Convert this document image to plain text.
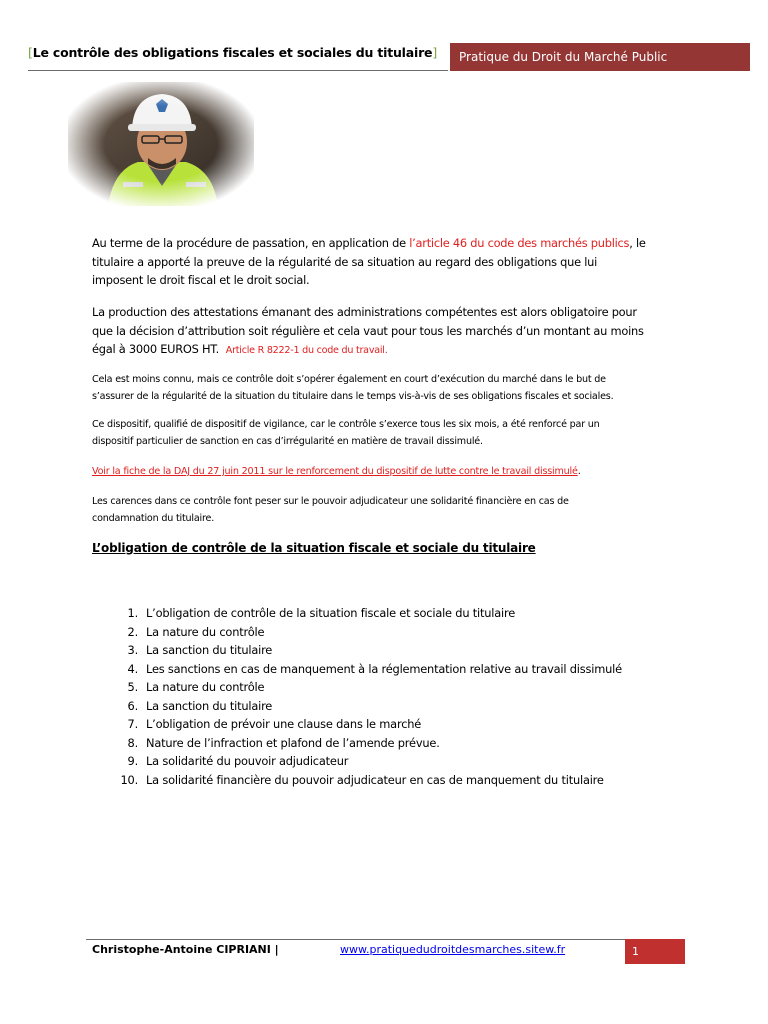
[Le contrôle des obligations fiscales et sociales du titulaire]	Pratique du Droit du Marché Public
Au terme de la procédure de passation, en application de l’article 46 du code des marchés publics, le
titulaire a apporté la preuve de la régularité de sa situation au regard des obligations que lui
imposent le droit fiscal et le droit social.
La production des attestations émanant des administrations compétentes est alors obligatoire pour
que la décision d’attribution soit régulière et cela vaut pour tous les marchés d’un montant au moins
égal à 3000 EUROS HT. Article R 8222-1 du code du travail.
Cela est moins connu, mais ce contrôle doit s’opérer également en court d’exécution du marché dans le but de
s’assurer de la régularité de la situation du titulaire dans le temps vis-à-vis de ses obligations fiscales et sociales.
Ce dispositif, qualifié de dispositif de vigilance, car le contrôle s’exerce tous les six mois, a été renforcé par un
dispositif particulier de sanction en cas d’irrégularité en matière de travail dissimulé.
Voir la fiche de la DAJ du 27 juin 2011 sur le renforcement du dispositif de lutte contre le travail dissimulé.
Les carences dans ce contrôle font peser sur le pouvoir adjudicateur une solidarité financière en cas de
condamnation du titulaire.
L’obligation de contrôle de la situation fiscale et sociale du titulaire
1. L’obligation de contrôle de la situation fiscale et sociale du titulaire
2. La nature du contrôle
3. La sanction du titulaire
4. Les sanctions en cas de manquement à la réglementation relative au travail dissimulé
5. La nature du contrôle
6. La sanction du titulaire
7. L’obligation de prévoir une clause dans le marché
8. Nature de l’infraction et plafond de l’amende prévue.
9. La solidarité du pouvoir adjudicateur
10. La solidarité financière du pouvoir adjudicateur en cas de manquement du titulaire
Christophe-Antoine CIPRIANI |	www.pratiquedudroitdesmarches.sitew.fr	1
